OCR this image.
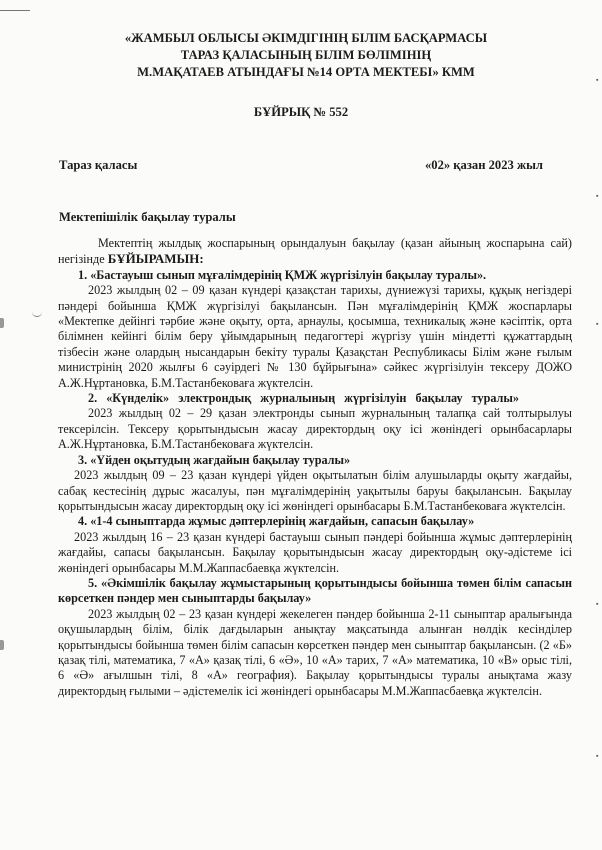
▪
▪
▪
▪
▪
«ЖАМБЫЛ ОБЛЫСЫ ӘКІМДІГІНІҢ БІЛІМ БАСҚАРМАСЫ
ТАРАЗ ҚАЛАСЫНЫҢ БІЛІМ БӨЛІМІНІҢ
М.МАҚАТАЕВ АТЫНДАҒЫ №14 ОРТА МЕКТЕБІ» КММ
БҰЙРЫҚ № 552
Тараз қаласы	«02» қазан 2023 жыл
Мектепішілік бақылау туралы

Мектептің жылдық жоспарының орындалуын бақылау (қазан айының жоспарына сай) негізінде БҰЙЫРАМЫН:

1. «Бастауыш сынып мұғалімдерінің ҚМЖ жүргізілуін бақылау туралы».

2023 жылдың 02 – 09 қазан күндері қазақстан тарихы, дүниежүзі тарихы, құқық негіздері пәндері бойынша ҚМЖ жүргізілуі бақылансын. Пән мұғалімдерінің ҚМЖ жоспарлары «Мектепке дейінгі тәрбие және оқыту, орта, арнаулы, қосымша, техникалық және кәсіптік, орта білімнен кейінгі білім беру ұйымдарының педагогтері жүргізу үшін міндетті құжаттардың тізбесін және олардың нысандарын бекіту туралы Қазақстан Республикасы Білім және ғылым министрінің 2020 жылғы 6 сәуірдегі № 130 бұйрығына» сәйкес жүргізілуін тексеру ДОЖО А.Ж.Нұртановка, Б.М.Тастанбековаға жүктелсін.

2. «Күнделік» электрондық журналының жүргізілуін бақылау туралы»

2023 жылдың 02 – 29 қазан электронды сынып журналының талапқа сай толтырылуы тексерілсін. Тексеру қорытындысын жасау директордың оқу ісі жөніндегі орынбасарлары А.Ж.Нұртановка, Б.М.Тастанбековаға жүктелсін.

3. «Үйден оқытудың жағдайын бақылау туралы»

2023 жылдың 09 – 23 қазан күндері үйден оқытылатын білім алушыларды оқыту жағдайы, сабақ кестесінің дұрыс жасалуы, пән мұғалімдерінің уақытылы баруы бақылансын. Бақылау қорытындысын жасау директордың оқу ісі жөніндегі орынбасары Б.М.Тастанбековаға жүктелсін.

4. «1-4 сыныптарда жұмыс дәптерлерінің жағдайын, сапасын бақылау»

2023 жылдың 16 – 23 қазан күндері бастауыш сынып пәндері бойынша жұмыс дәптерлерінің жағдайы, сапасы бақылансын. Бақылау қорытындысын жасау директордың оқу-әдістеме ісі жөніндегі орынбасары М.М.Жаппасбаевқа жүктелсін.

5. «Әкімшілік бақылау жұмыстарының қорытындысы бойынша төмен білім сапасын көрсеткен пәндер мен сыныптарды бақылау»

2023 жылдың 02 – 23 қазан күндері жекелеген пәндер бойынша 2-11 сыныптар аралығында оқушылардың білім, білік дағдыларын анықтау мақсатында алынған нөлдік кесінділер қорытындысы бойынша төмен білім сапасын көрсеткен пәндер мен сыныптар бақылансын. (2 «Б» қазақ тілі, математика, 7 «А» қазақ тілі, 6 «Ә», 10 «А» тарих, 7 «А» математика, 10 «В» орыс тілі, 6 «Ә» ағылшын тілі, 8 «А» география). Бақылау қорытындысы туралы анықтама жазу директордың ғылыми – әдістемелік ісі жөніндегі орынбасары М.М.Жаппасбаевқа жүктелсін.
